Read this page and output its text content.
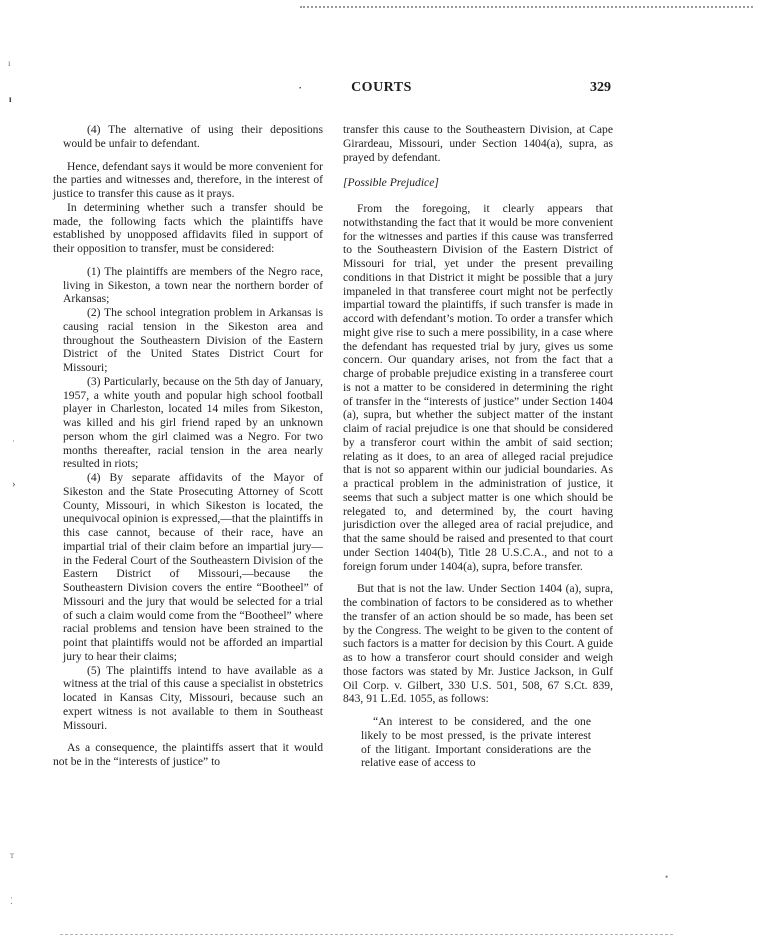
ı
ɪ
·
›
ᴛ
⁚
•
·	COURTS	329

(4) The alternative of using their depositions would be unfair to defendant.

Hence, defendant says it would be more convenient for the parties and witnesses and, therefore, in the interest of justice to transfer this cause as it prays.

In determining whether such a transfer should be made, the following facts which the plaintiffs have established by unopposed affidavits filed in support of their opposition to transfer, must be considered:

(1) The plaintiffs are members of the Negro race, living in Sikeston, a town near the northern border of Arkansas;

(2) The school integration problem in Arkansas is causing racial tension in the Sikeston area and throughout the Southeastern Division of the Eastern District of the United States District Court for Missouri;

(3) Particularly, because on the 5th day of January, 1957, a white youth and popular high school football player in Charleston, located 14 miles from Sikeston, was killed and his girl friend raped by an unknown person whom the girl claimed was a Negro. For two months thereafter, racial tension in the area nearly resulted in riots;

(4) By separate affidavits of the Mayor of Sikeston and the State Prosecuting Attorney of Scott County, Missouri, in which Sikeston is located, the unequivocal opinion is expressed,—that the plaintiffs in this case cannot, because of their race, have an impartial trial of their claim before an impartial jury—in the Federal Court of the Southeastern Division of the Eastern District of Missouri,—because the Southeastern Division covers the entire “Bootheel” of Missouri and the jury that would be selected for a trial of such a claim would come from the “Bootheel” where racial problems and tension have been strained to the point that plaintiffs would not be afforded an impartial jury to hear their claims;

(5) The plaintiffs intend to have available as a witness at the trial of this cause a specialist in obstetrics located in Kansas City, Missouri, because such an expert witness is not available to them in Southeast Missouri.

As a consequence, the plaintiffs assert that it would not be in the “interests of justice” to

transfer this cause to the Southeastern Division, at Cape Girardeau, Missouri, under Section 1404(a), supra, as prayed by defendant.

[Possible Prejudice]

From the foregoing, it clearly appears that notwithstanding the fact that it would be more convenient for the witnesses and parties if this cause was transferred to the Southeastern Division of the Eastern District of Missouri for trial, yet under the present prevailing conditions in that District it might be possible that a jury impaneled in that transferee court might not be perfectly impartial toward the plaintiffs, if such transfer is made in accord with defendant’s motion. To order a transfer which might give rise to such a mere possibility, in a case where the defendant has requested trial by jury, gives us some concern. Our quandary arises, not from the fact that a charge of probable prejudice existing in a transferee court is not a matter to be considered in determining the right of transfer in the “interests of justice” under Section 1404 (a), supra, but whether the subject matter of the instant claim of racial prejudice is one that should be considered by a transferor court within the ambit of said section; relating as it does, to an area of alleged racial prejudice that is not so apparent within our judicial boundaries. As a practical problem in the administration of justice, it seems that such a subject matter is one which should be relegated to, and determined by, the court having jurisdiction over the alleged area of racial prejudice, and that the same should be raised and presented to that court under Section 1404(b), Title 28 U.S.C.A., and not to a foreign forum under 1404(a), supra, before transfer.

But that is not the law. Under Section 1404 (a), supra, the combination of factors to be considered as to whether the transfer of an action should be so made, has been set by the Congress. The weight to be given to the content of such factors is a matter for decision by this Court. A guide as to how a transferor court should consider and weigh those factors was stated by Mr. Justice Jackson, in Gulf Oil Corp. v. Gilbert, 330 U.S. 501, 508, 67 S.Ct. 839, 843, 91 L.Ed. 1055, as follows:

“An interest to be considered, and the one likely to be most pressed, is the private interest of the litigant. Important considerations are the relative ease of access to
